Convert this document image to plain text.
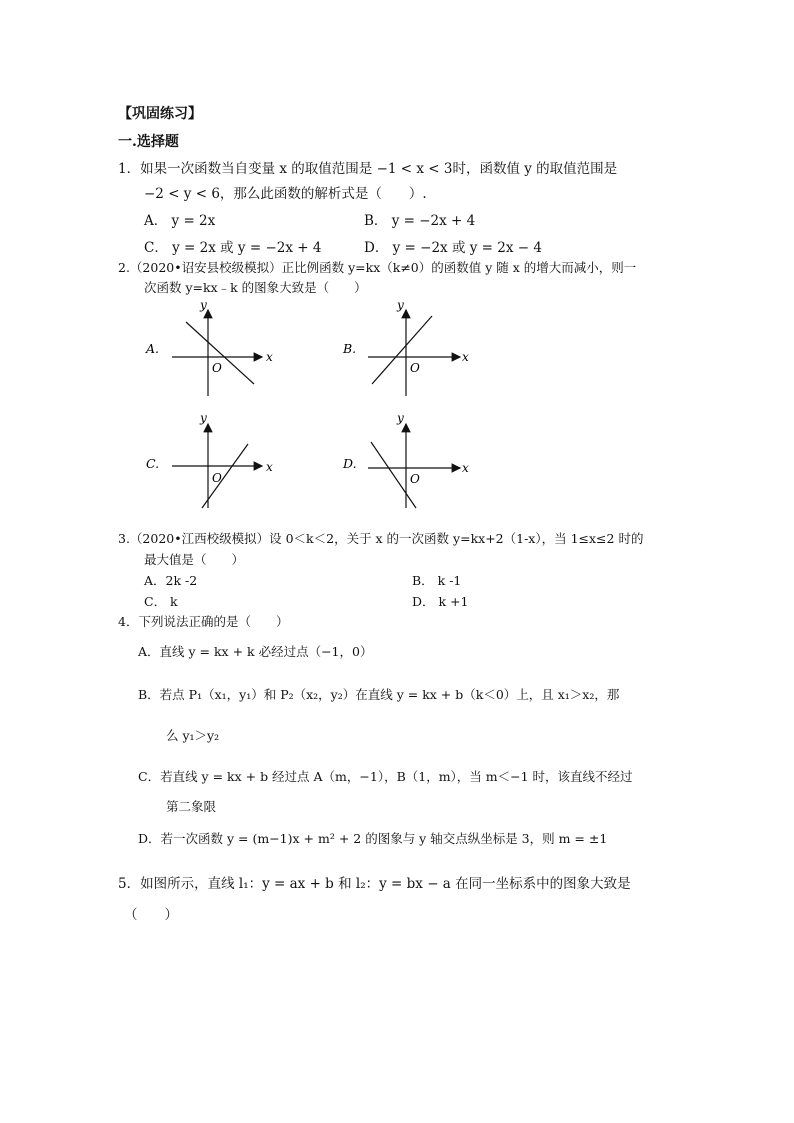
【巩固练习】
一.选择题
1．如果一次函数当自变量 x 的取值范围是 −1 < x < 3时，函数值 y 的取值范围是
−2 < y < 6，那么此函数的解析式是（　　）.
A． y = 2x	B． y = −2x + 4
C． y = 2x 或 y = −2x + 4	D． y = −2x 或 y = 2x − 4
2.（2020•诏安县校级模拟）正比例函数 y=kx（k≠0）的函数值 y 随 x 的增大而减小，则一
次函数 y=kx﹣k 的图象大致是（　　）
A.
x
y
O
B.
x
y
O
C.	x
y
O
D.	x
y
O
3.（2020•江西校级模拟）设 0＜k＜2，关于 x 的一次函数 y=kx+2（1-x），当 1≤x≤2 时的
最大值是（　　）
A．2k -2	B． k -1
C． k	D． k +1
4．下列说法正确的是（　　）
A．直线 y = kx + k 必经过点（−1，0）
B．若点 P₁（x₁，y₁）和 P₂（x₂，y₂）在直线 y = kx + b（k＜0）上，且 x₁＞x₂，那
么 y₁＞y₂
C．若直线 y = kx + b 经过点 A（m，−1），B（1，m），当 m＜−1 时，该直线不经过
第二象限
D．若一次函数 y = (m−1)x + m² + 2 的图象与 y 轴交点纵坐标是 3，则 m = ±1
5．如图所示，直线 l₁：y = ax + b 和 l₂：y = bx − a 在同一坐标系中的图象大致是
（　　）
